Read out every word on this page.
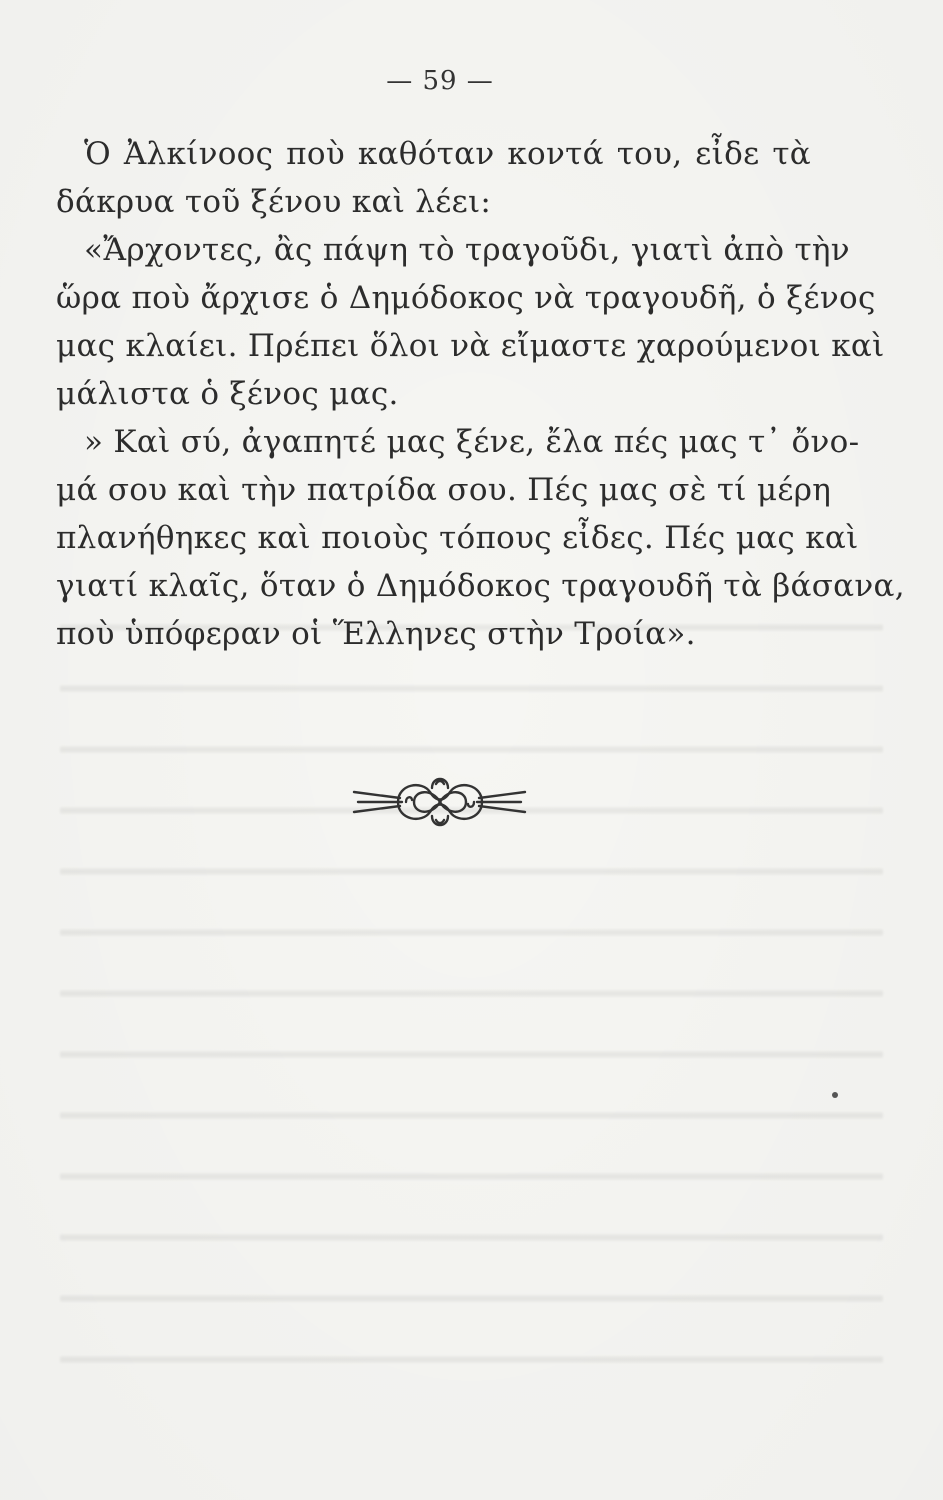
— 59 —
Ὁ Ἀλκίνοος ποὺ καθόταν κοντά του, εἶδε τὰ
δάκρυα τοῦ ξένου καὶ λέει:
«Ἄρχοντες, ἂς πάψη τὸ τραγοῦδι, γιατὶ ἀπὸ τὴν
ὥρα ποὺ ἄρχισε ὁ Δημόδοκος νὰ τραγουδῆ, ὁ ξένος
μας κλαίει. Πρέπει ὅλοι νὰ εἴμαστε χαρούμενοι καὶ
μάλιστα ὁ ξένος μας.
» Καὶ σύ, ἀγαπητέ μας ξένε, ἔλα πές μας τ᾿ ὄνο-
μά σου καὶ τὴν πατρίδα σου. Πές μας σὲ τί μέρη
πλανήθηκες καὶ ποιοὺς τόπους εἶδες. Πές μας καὶ
γιατί κλαῖς, ὅταν ὁ Δημόδοκος τραγουδῆ τὰ βάσανα,
ποὺ ὑπόφεραν οἱ Ἕλληνες στὴν Τροία».
